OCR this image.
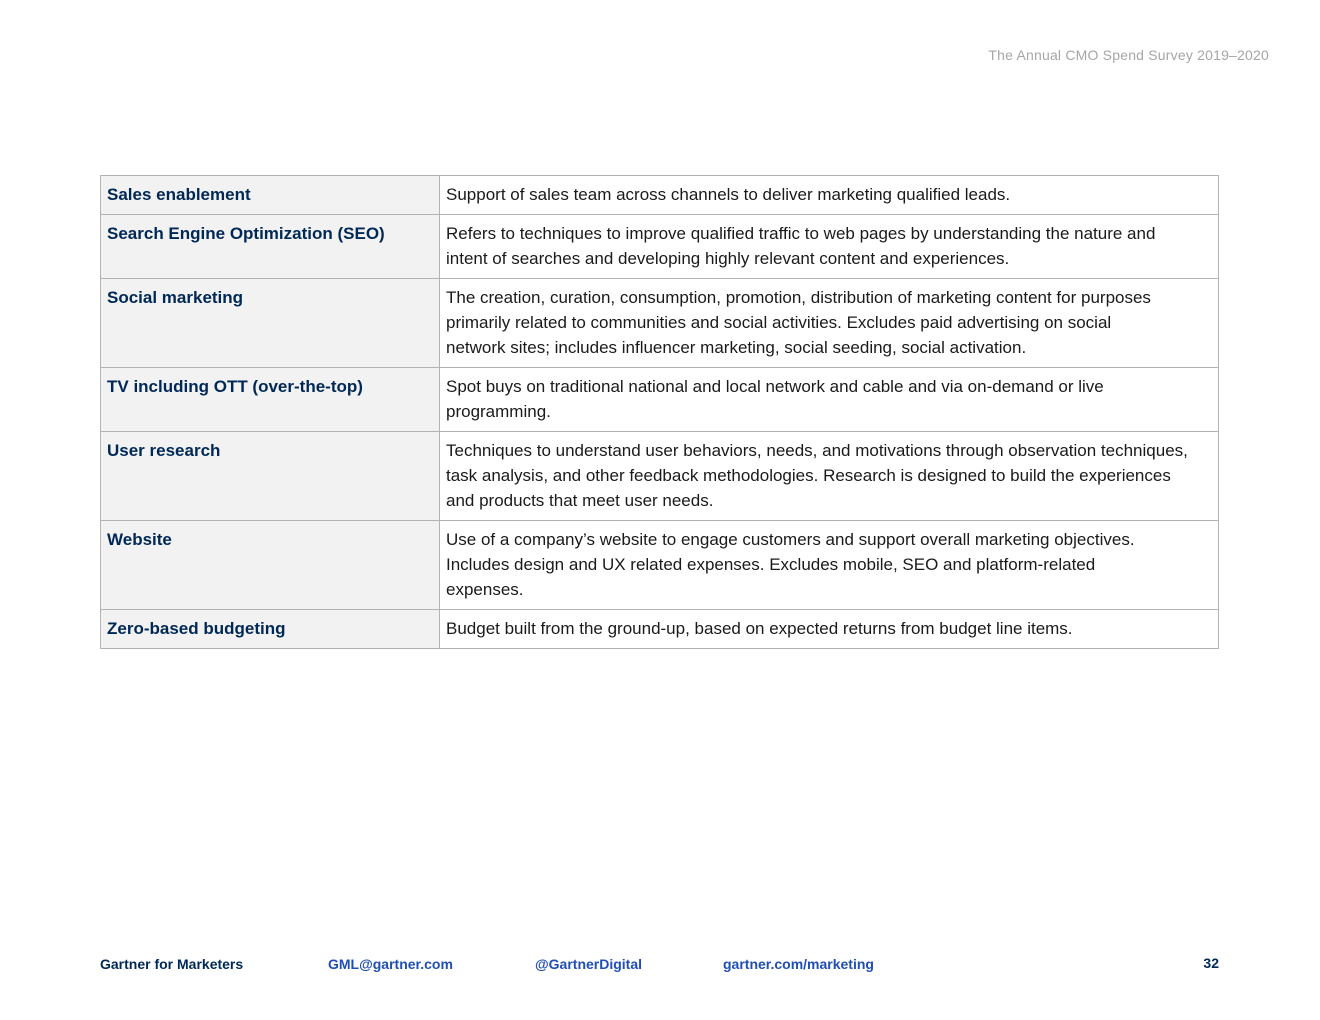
The Annual CMO Spend Survey 2019–2020
Sales enablement	Support of sales team across channels to deliver marketing qualified leads.
Search Engine Optimization (SEO)	Refers to techniques to improve qualified traffic to web pages by understanding the nature and intent of searches and developing highly relevant content and experiences.
Social marketing	The creation, curation, consumption, promotion, distribution of marketing content for purposes primarily related to communities and social activities. Excludes paid advertising on social network sites; includes influencer marketing, social seeding, social activation.
TV including OTT (over-the-top)	Spot buys on traditional national and local network and cable and via on-demand or live programming.
User research	Techniques to understand user behaviors, needs, and motivations through observation techniques, task analysis, and other feedback methodologies. Research is designed to build the experiences and products that meet user needs.
Website	Use of a company’s website to engage customers and support overall marketing objectives. Includes design and UX related expenses. Excludes mobile, SEO and platform-related expenses.
Zero-based budgeting	Budget built from the ground-up, based on expected returns from budget line items.
Gartner for Marketers	GML@gartner.com	@GartnerDigital	gartner.com/marketing	32
